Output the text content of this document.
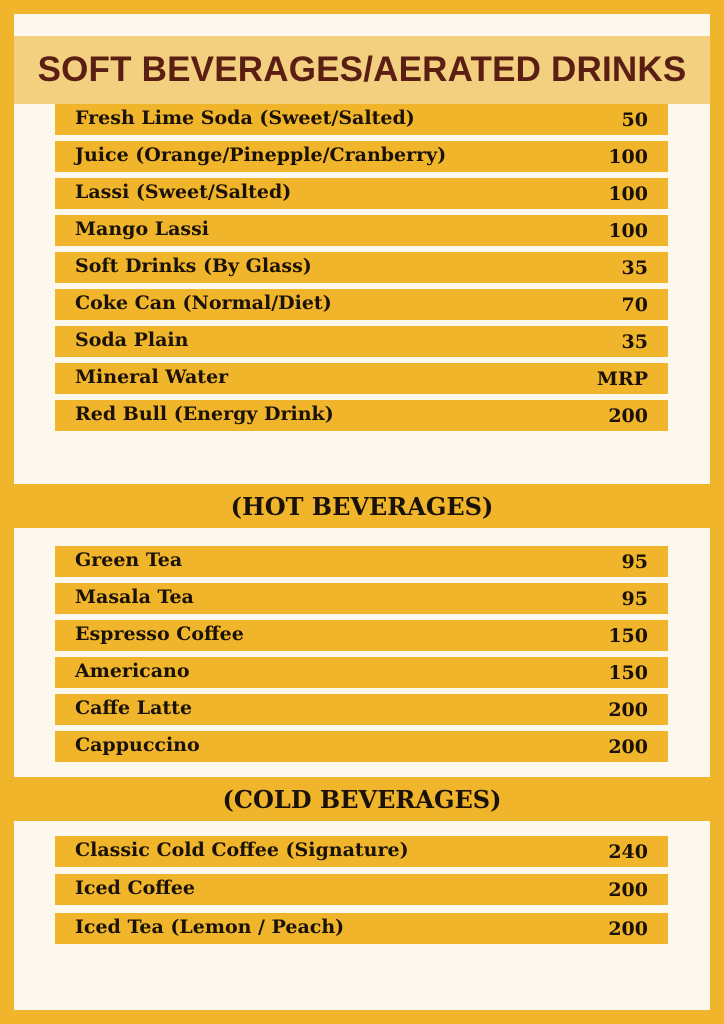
SOFT BEVERAGES/AERATED DRINKS
Fresh Lime Soda (Sweet/Salted)	50
Juice (Orange/Pinepple/Cranberry)	100
Lassi (Sweet/Salted)	100
Mango Lassi	100
Soft Drinks (By Glass)	35
Coke Can (Normal/Diet)	70
Soda Plain	35
Mineral Water	MRP
Red Bull (Energy Drink)	200
(HOT BEVERAGES)
Green Tea	95
Masala Tea	95
Espresso Coffee	150
Americano	150
Caffe Latte	200
Cappuccino	200
(COLD BEVERAGES)
Classic Cold Coffee (Signature)	240
Iced Coffee	200
Iced Tea (Lemon / Peach)	200
